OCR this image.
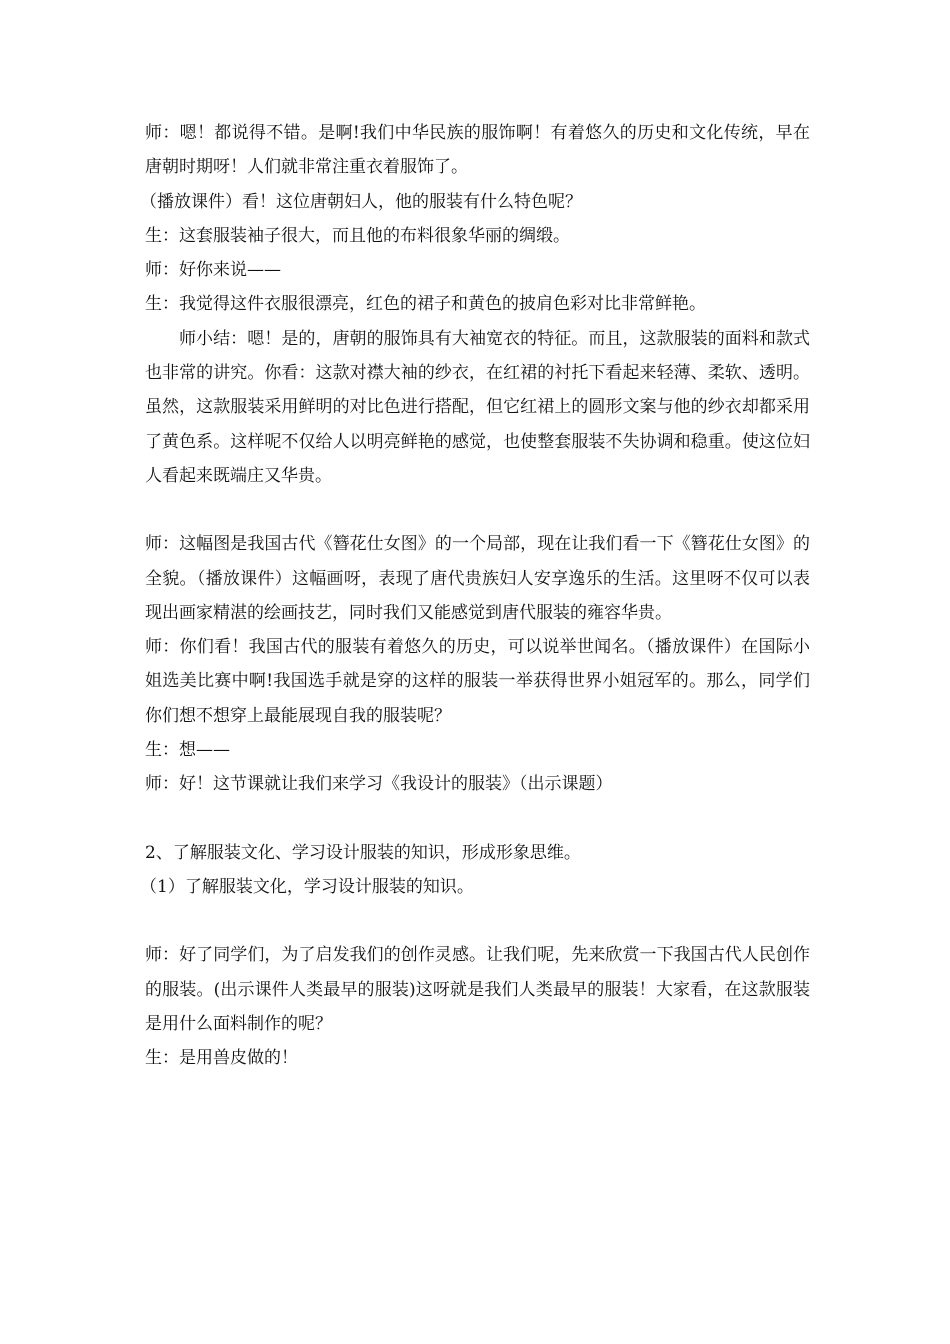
师：嗯！都说得不错。是啊!我们中华民族的服饰啊！有着悠久的历史和文化传统，早在唐朝时期呀！人们就非常注重衣着服饰了。

（播放课件）看！这位唐朝妇人，他的服装有什么特色呢？

生：这套服装袖子很大，而且他的布料很象华丽的绸缎。

师：好你来说——

生：我觉得这件衣服很漂亮，红色的裙子和黄色的披肩色彩对比非常鲜艳。

师小结：嗯！是的，唐朝的服饰具有大袖宽衣的特征。而且，这款服装的面料和款式也非常的讲究。你看：这款对襟大袖的纱衣，在红裙的衬托下看起来轻薄、柔软、透明。虽然，这款服装采用鲜明的对比色进行搭配，但它红裙上的圆形文案与他的纱衣却都采用了黄色系。这样呢不仅给人以明亮鲜艳的感觉，也使整套服装不失协调和稳重。使这位妇人看起来既端庄又华贵。

师：这幅图是我国古代《簪花仕女图》的一个局部，现在让我们看一下《簪花仕女图》的全貌。（播放课件）这幅画呀，表现了唐代贵族妇人安享逸乐的生活。这里呀不仅可以表现出画家精湛的绘画技艺，同时我们又能感觉到唐代服装的雍容华贵。

师：你们看！我国古代的服装有着悠久的历史，可以说举世闻名。（播放课件）在国际小姐选美比赛中啊!我国选手就是穿的这样的服装一举获得世界小姐冠军的。那么，同学们你们想不想穿上最能展现自我的服装呢？

生：想——

师：好！这节课就让我们来学习《我设计的服装》（出示课题）

2、了解服装文化、学习设计服装的知识，形成形象思维。

（1）了解服装文化，学习设计服装的知识。

师：好了同学们，为了启发我们的创作灵感。让我们呢，先来欣赏一下我国古代人民创作的服装。(出示课件人类最早的服装)这呀就是我们人类最早的服装！大家看，在这款服装是用什么面料制作的呢？

生：是用兽皮做的！
